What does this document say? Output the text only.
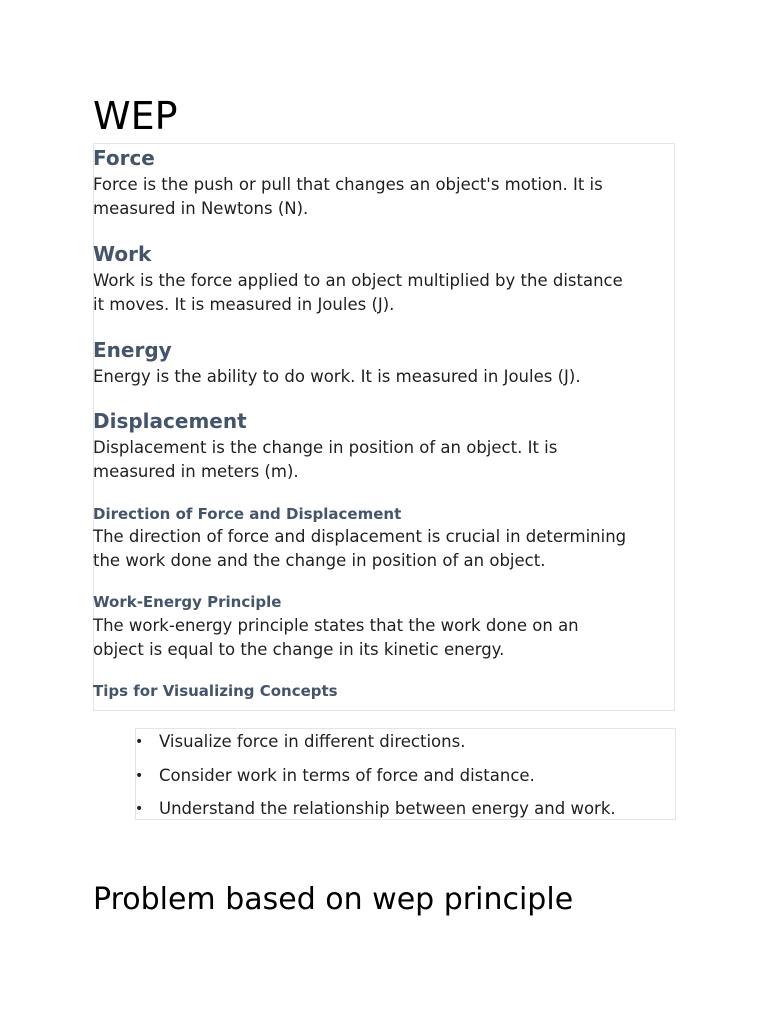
WEP
Force

Force is the push or pull that changes an object's motion. It is
measured in Newtons (N).

Work

Work is the force applied to an object multiplied by the distance
it moves. It is measured in Joules (J).

Energy

Energy is the ability to do work. It is measured in Joules (J).

Displacement

Displacement is the change in position of an object. It is
measured in meters (m).

Direction of Force and Displacement

The direction of force and displacement is crucial in determining
the work done and the change in position of an object.

Work-Energy Principle

The work-energy principle states that the work done on an
object is equal to the change in its kinetic energy.

Tips for Visualizing Concepts
• Visualize force in different directions.
• Consider work in terms of force and distance.
• Understand the relationship between energy and work.
Problem based on wep principle
